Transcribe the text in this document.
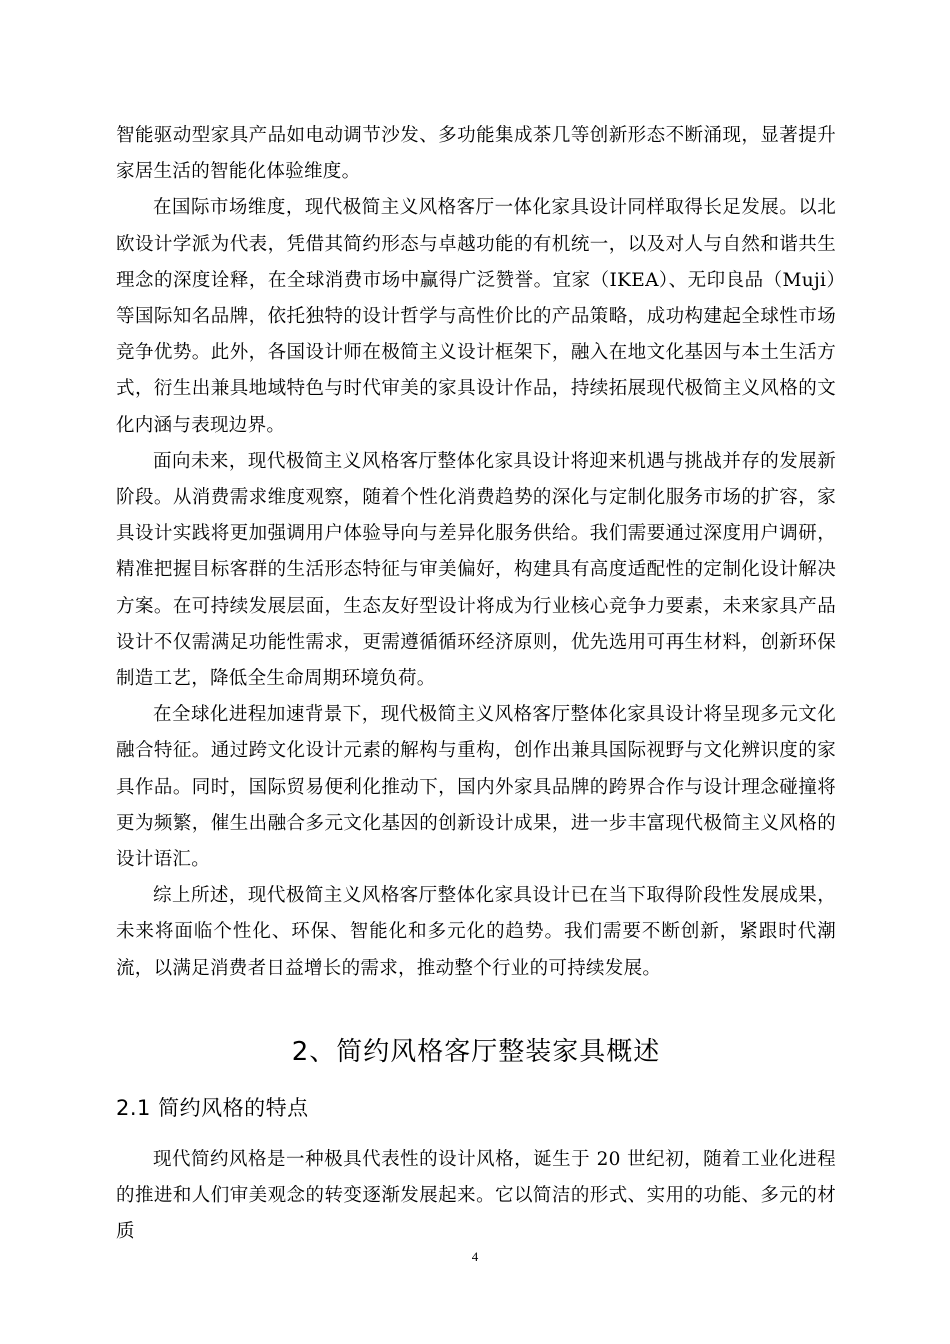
智能驱动型家具产品如电动调节沙发、多功能集成茶几等创新形态不断涌现，显著提升家居生活的智能化体验维度。

在国际市场维度，现代极简主义风格客厅一体化家具设计同样取得长足发展。以北欧设计学派为代表，凭借其简约形态与卓越功能的有机统一，以及对人与自然和谐共生理念的深度诠释，在全球消费市场中赢得广泛赞誉。宜家（IKEA）、无印良品（Muji）等国际知名品牌，依托独特的设计哲学与高性价比的产品策略，成功构建起全球性市场竞争优势。此外，各国设计师在极简主义设计框架下，融入在地文化基因与本土生活方式，衍生出兼具地域特色与时代审美的家具设计作品，持续拓展现代极简主义风格的文化内涵与表现边界。

面向未来，现代极简主义风格客厅整体化家具设计将迎来机遇与挑战并存的发展新阶段。从消费需求维度观察，随着个性化消费趋势的深化与定制化服务市场的扩容，家具设计实践将更加强调用户体验导向与差异化服务供给。我们需要通过深度用户调研，精准把握目标客群的生活形态特征与审美偏好，构建具有高度适配性的定制化设计解决方案。在可持续发展层面，生态友好型设计将成为行业核心竞争力要素，未来家具产品设计不仅需满足功能性需求，更需遵循循环经济原则，优先选用可再生材料，创新环保制造工艺，降低全生命周期环境负荷。

在全球化进程加速背景下，现代极简主义风格客厅整体化家具设计将呈现多元文化融合特征。通过跨文化设计元素的解构与重构，创作出兼具国际视野与文化辨识度的家具作品。同时，国际贸易便利化推动下，国内外家具品牌的跨界合作与设计理念碰撞将更为频繁，催生出融合多元文化基因的创新设计成果，进一步丰富现代极简主义风格的设计语汇。

综上所述，现代极简主义风格客厅整体化家具设计已在当下取得阶段性发展成果，未来将面临个性化、环保、智能化和多元化的趋势。我们需要不断创新，紧跟时代潮流，以满足消费者日益增长的需求，推动整个行业的可持续发展。

2、简约风格客厅整装家具概述
2.1 简约风格的特点

现代简约风格是一种极具代表性的设计风格，诞生于 20 世纪初，随着工业化进程的推进和人们审美观念的转变逐渐发展起来。它以简洁的形式、实用的功能、多元的材质

4
